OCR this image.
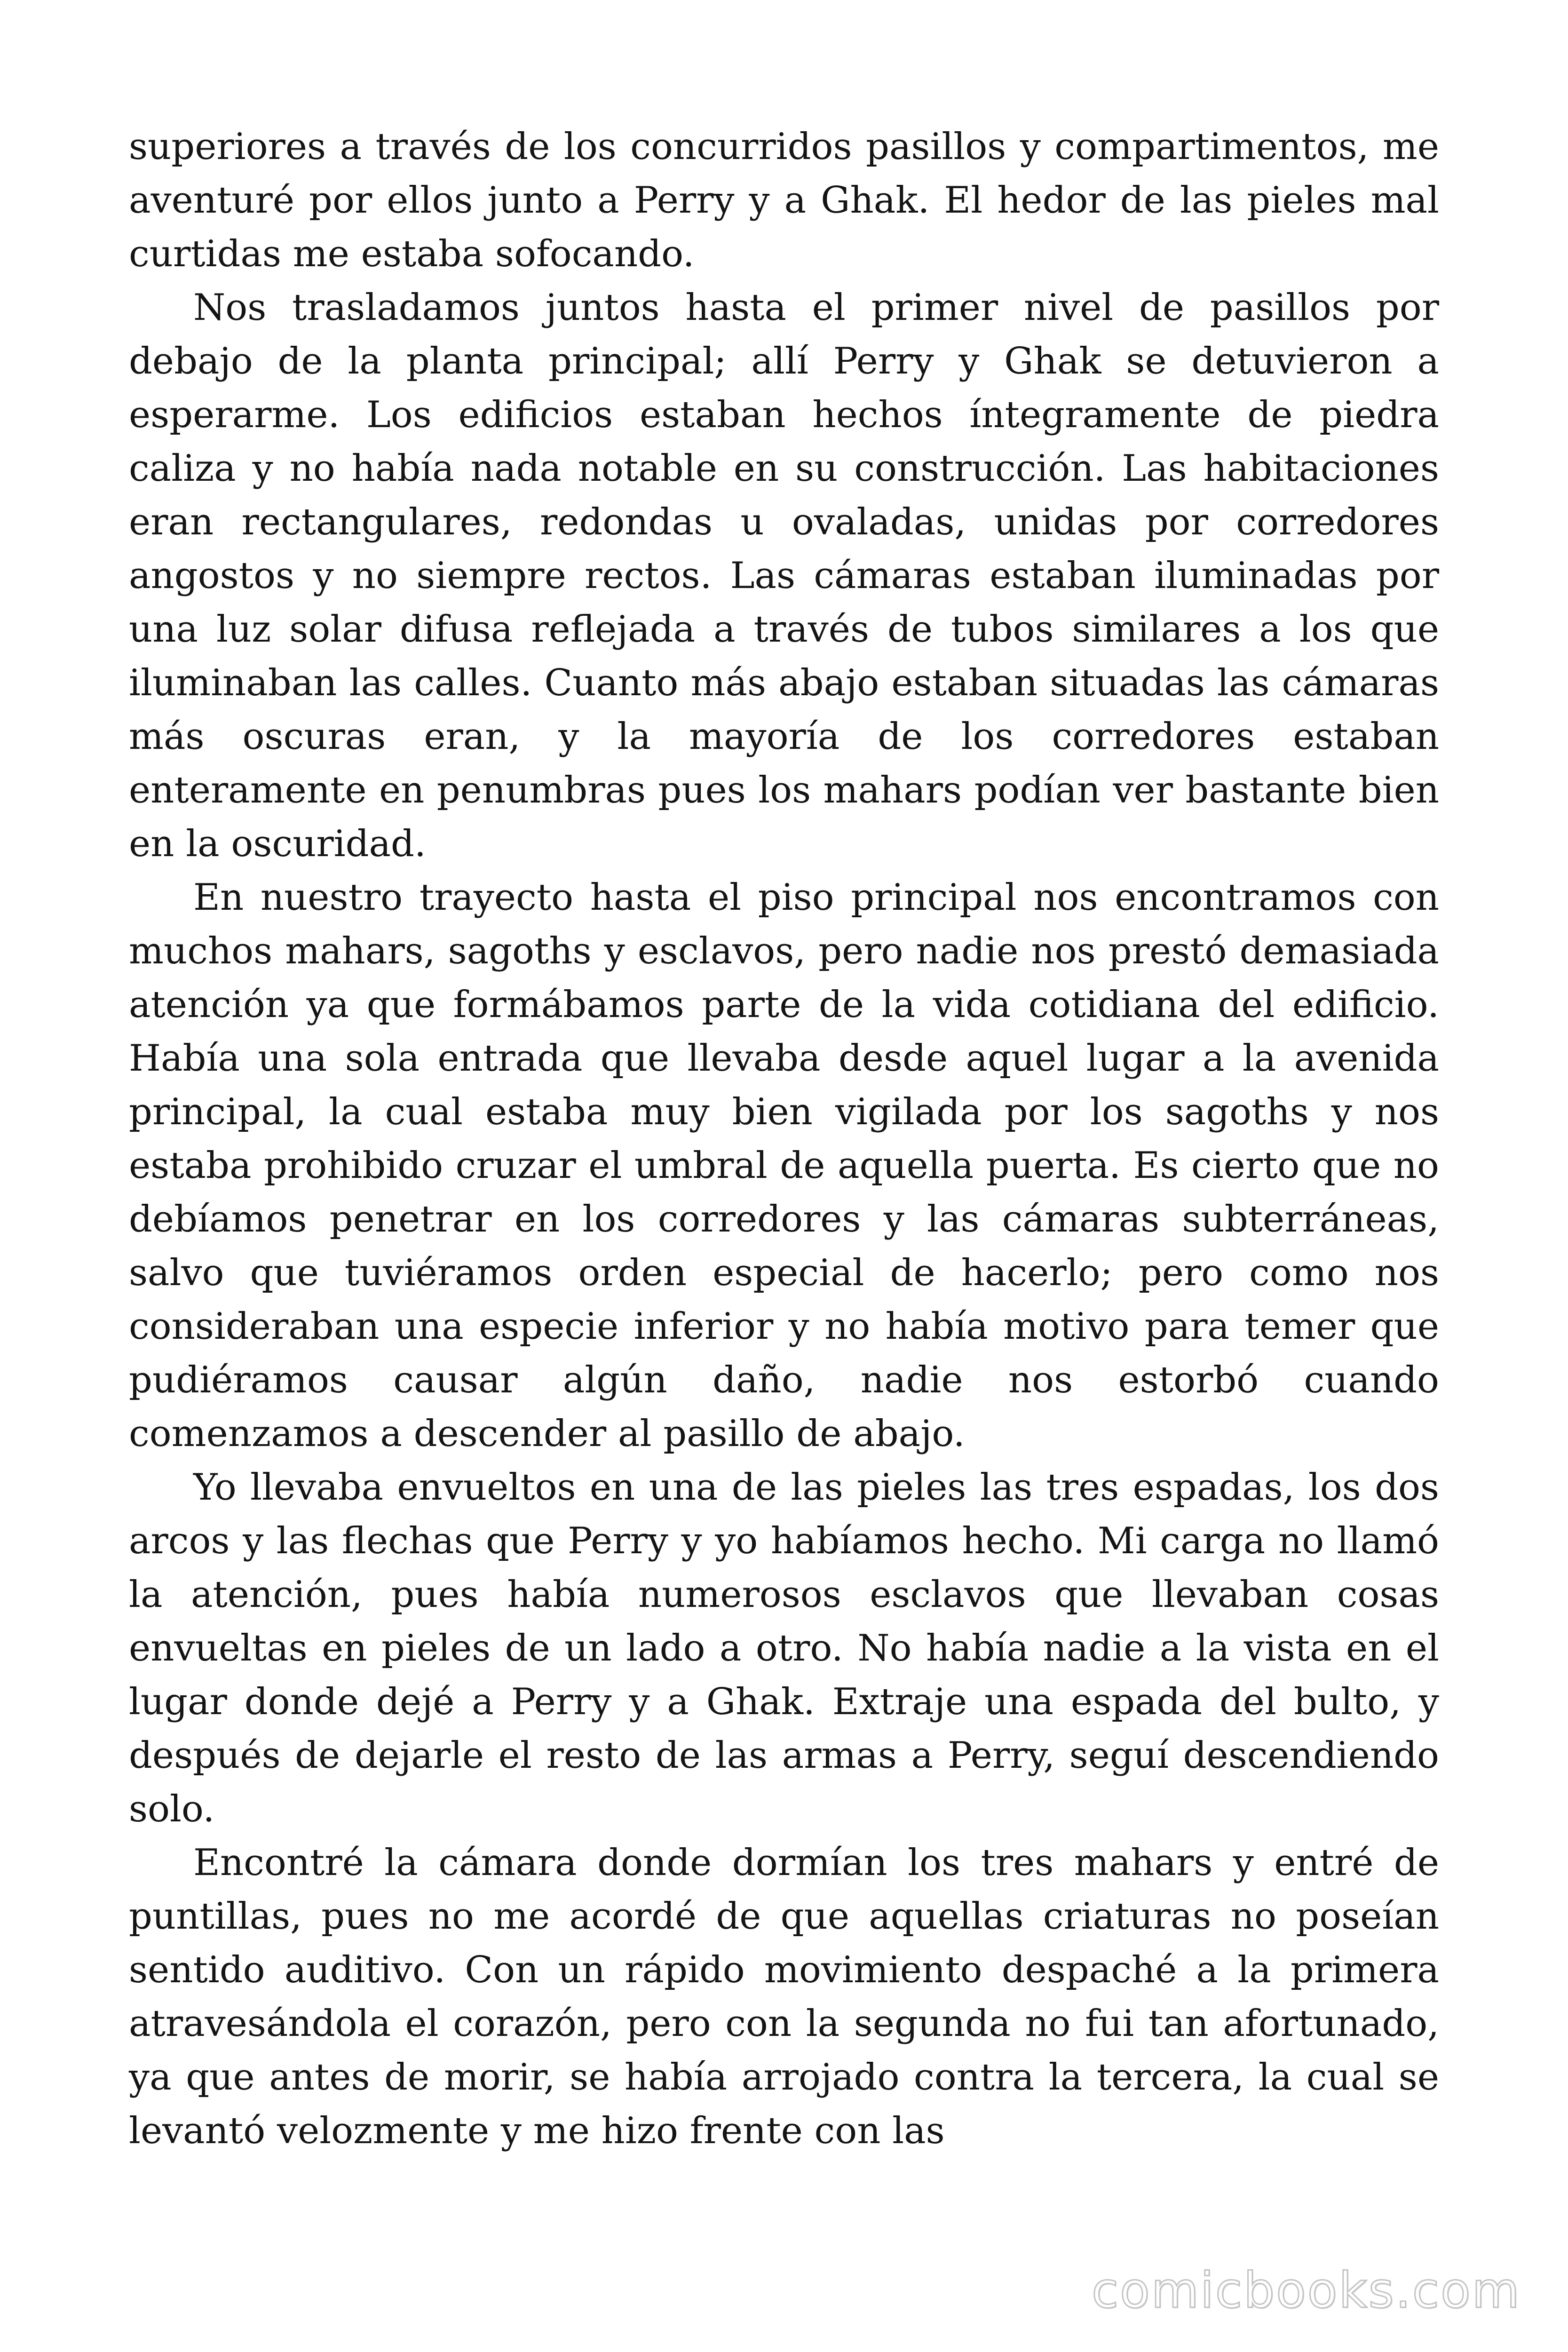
superiores a través de los concurridos pasillos y compartimentos, me aventuré por ellos junto a Perry y a Ghak. El hedor de las pieles mal curtidas me estaba sofocando.

Nos trasladamos juntos hasta el primer nivel de pasillos por debajo de la planta principal; allí Perry y Ghak se detuvieron a esperarme. Los edificios estaban hechos íntegramente de piedra caliza y no había nada notable en su construcción. Las habitaciones eran rectangulares, redondas u ovaladas, unidas por corredores angostos y no siempre rectos. Las cámaras estaban iluminadas por una luz solar difusa reflejada a través de tubos similares a los que iluminaban las calles. Cuanto más abajo estaban situadas las cámaras más oscuras eran, y la mayoría de los corredores estaban enteramente en penumbras pues los mahars podían ver bastante bien en la oscuridad.

En nuestro trayecto hasta el piso principal nos encontramos con muchos mahars, sagoths y esclavos, pero nadie nos prestó demasiada atención ya que formábamos parte de la vida cotidiana del edificio. Había una sola entrada que llevaba desde aquel lugar a la avenida principal, la cual estaba muy bien vigilada por los sagoths y nos estaba prohibido cruzar el umbral de aquella puerta. Es cierto que no debíamos penetrar en los corredores y las cámaras subterráneas, salvo que tuviéramos orden especial de hacerlo; pero como nos consideraban una especie inferior y no había motivo para temer que pudiéramos causar algún daño, nadie nos estorbó cuando comenzamos a descender al pasillo de abajo.

Yo llevaba envueltos en una de las pieles las tres espadas, los dos arcos y las flechas que Perry y yo habíamos hecho. Mi carga no llamó la atención, pues había numerosos esclavos que llevaban cosas envueltas en pieles de un lado a otro. No había nadie a la vista en el lugar donde dejé a Perry y a Ghak. Extraje una espada del bulto, y después de dejarle el resto de las armas a Perry, seguí descendiendo solo.

Encontré la cámara donde dormían los tres mahars y entré de puntillas, pues no me acordé de que aquellas criaturas no poseían sentido auditivo. Con un rápido movimiento despaché a la primera atravesándola el corazón, pero con la segunda no fui tan afortunado, ya que antes de morir, se había arrojado contra la tercera, la cual se levantó velozmente y me hizo frente con las

comicbooks.com
